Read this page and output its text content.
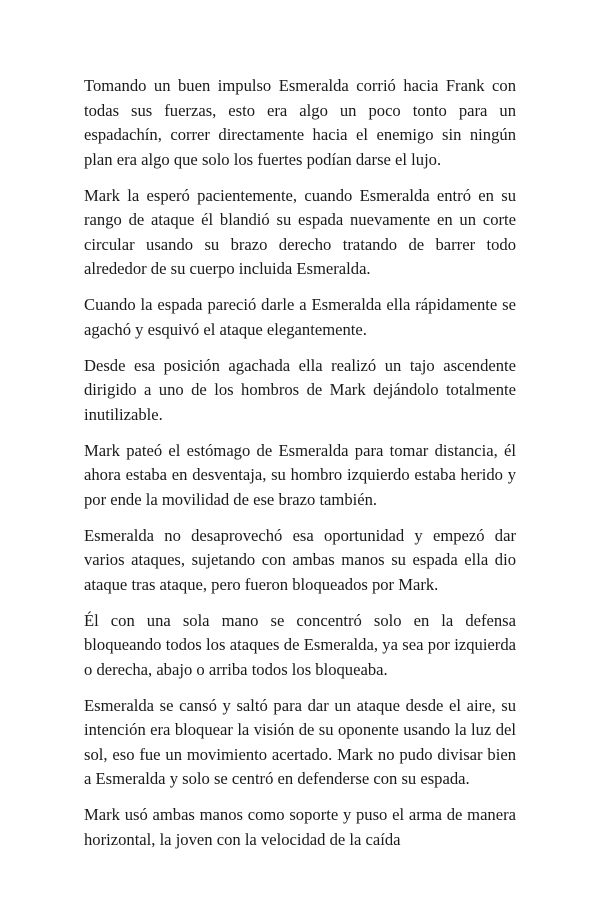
Tomando un buen impulso Esmeralda corrió hacia Frank con todas sus fuerzas, esto era algo un poco tonto para un espadachín, correr directamente hacia el enemigo sin ningún plan era algo que solo los fuertes podían darse el lujo.

Mark la esperó pacientemente, cuando Esmeralda entró en su rango de ataque él blandió su espada nuevamente en un corte circular usando su brazo derecho tratando de barrer todo alrededor de su cuerpo incluida Esmeralda.

Cuando la espada pareció darle a Esmeralda ella rápidamente se agachó y esquivó el ataque elegantemente.

Desde esa posición agachada ella realizó un tajo ascendente dirigido a uno de los hombros de Mark dejándolo totalmente inutilizable.

Mark pateó el estómago de Esmeralda para tomar distancia, él ahora estaba en desventaja, su hombro izquierdo estaba herido y por ende la movilidad de ese brazo también.

Esmeralda no desaprovechó esa oportunidad y empezó dar varios ataques, sujetando con ambas manos su espada ella dio ataque tras ataque, pero fueron bloqueados por Mark.

Él con una sola mano se concentró solo en la defensa bloqueando todos los ataques de Esmeralda, ya sea por izquierda o derecha, abajo o arriba todos los bloqueaba.

Esmeralda se cansó y saltó para dar un ataque desde el aire, su intención era bloquear la visión de su oponente usando la luz del sol, eso fue un movimiento acertado. Mark no pudo divisar bien a Esmeralda y solo se centró en defenderse con su espada.

Mark usó ambas manos como soporte y puso el arma de manera horizontal, la joven con la velocidad de la caída
